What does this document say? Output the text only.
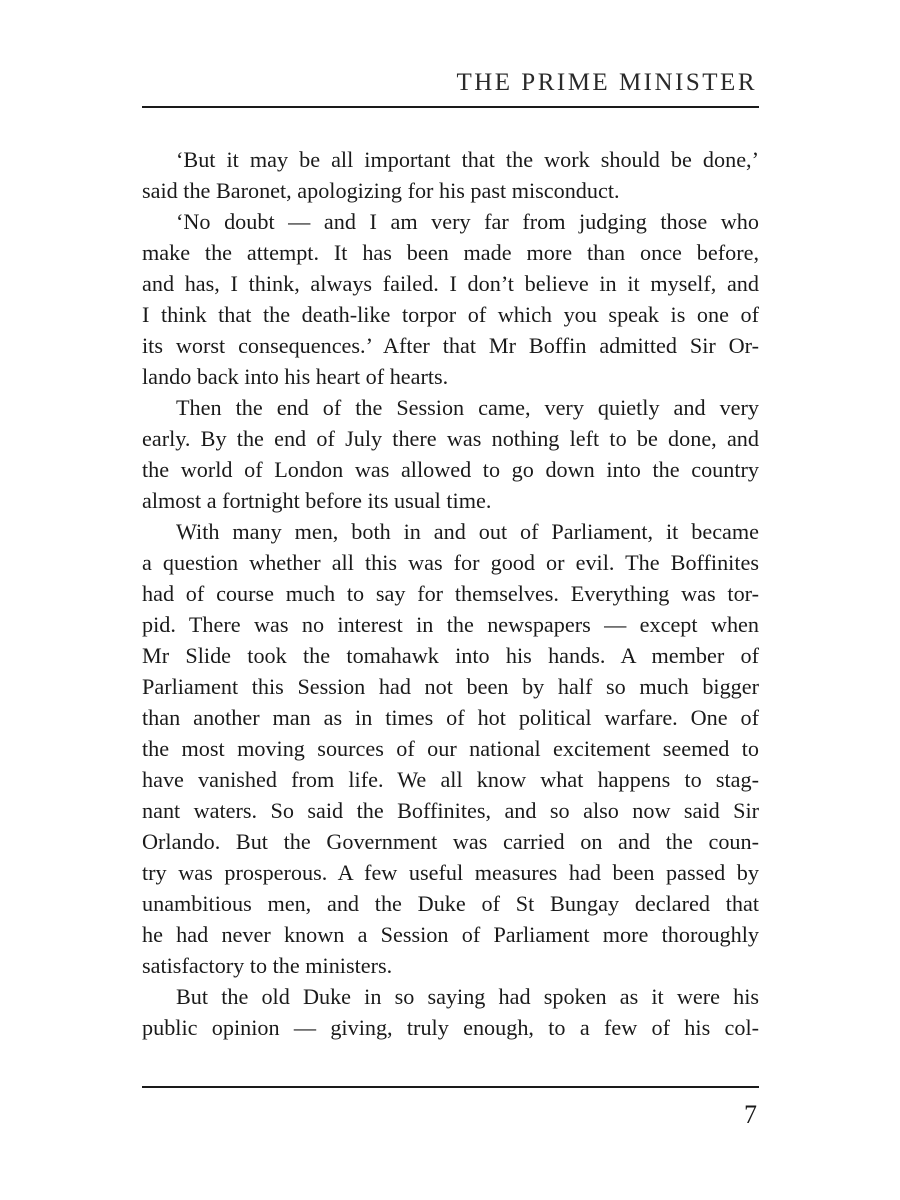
THE PRIME MINISTER
‘But it may be all important that the work should be done,’
said the Baronet, apologizing for his past misconduct.
‘No doubt — and I am very far from judging those who
make the attempt. It has been made more than once before,
and has, I think, always failed. I don’t believe in it myself, and
I think that the death-like torpor of which you speak is one of
its worst consequences.’ After that Mr Boffin admitted Sir Or-
lando back into his heart of hearts.
Then the end of the Session came, very quietly and very
early. By the end of July there was nothing left to be done, and
the world of London was allowed to go down into the country
almost a fortnight before its usual time.
With many men, both in and out of Parliament, it became
a question whether all this was for good or evil. The Boffinites
had of course much to say for themselves. Everything was tor-
pid. There was no interest in the newspapers — except when
Mr Slide took the tomahawk into his hands. A member of
Parliament this Session had not been by half so much bigger
than another man as in times of hot political warfare. One of
the most moving sources of our national excitement seemed to
have vanished from life. We all know what happens to stag-
nant waters. So said the Boffinites, and so also now said Sir
Orlando. But the Government was carried on and the coun-
try was prosperous. A few useful measures had been passed by
unambitious men, and the Duke of St Bungay declared that
he had never known a Session of Parliament more thoroughly
satisfactory to the ministers.
But the old Duke in so saying had spoken as it were his
public opinion — giving, truly enough, to a few of his col-
7
